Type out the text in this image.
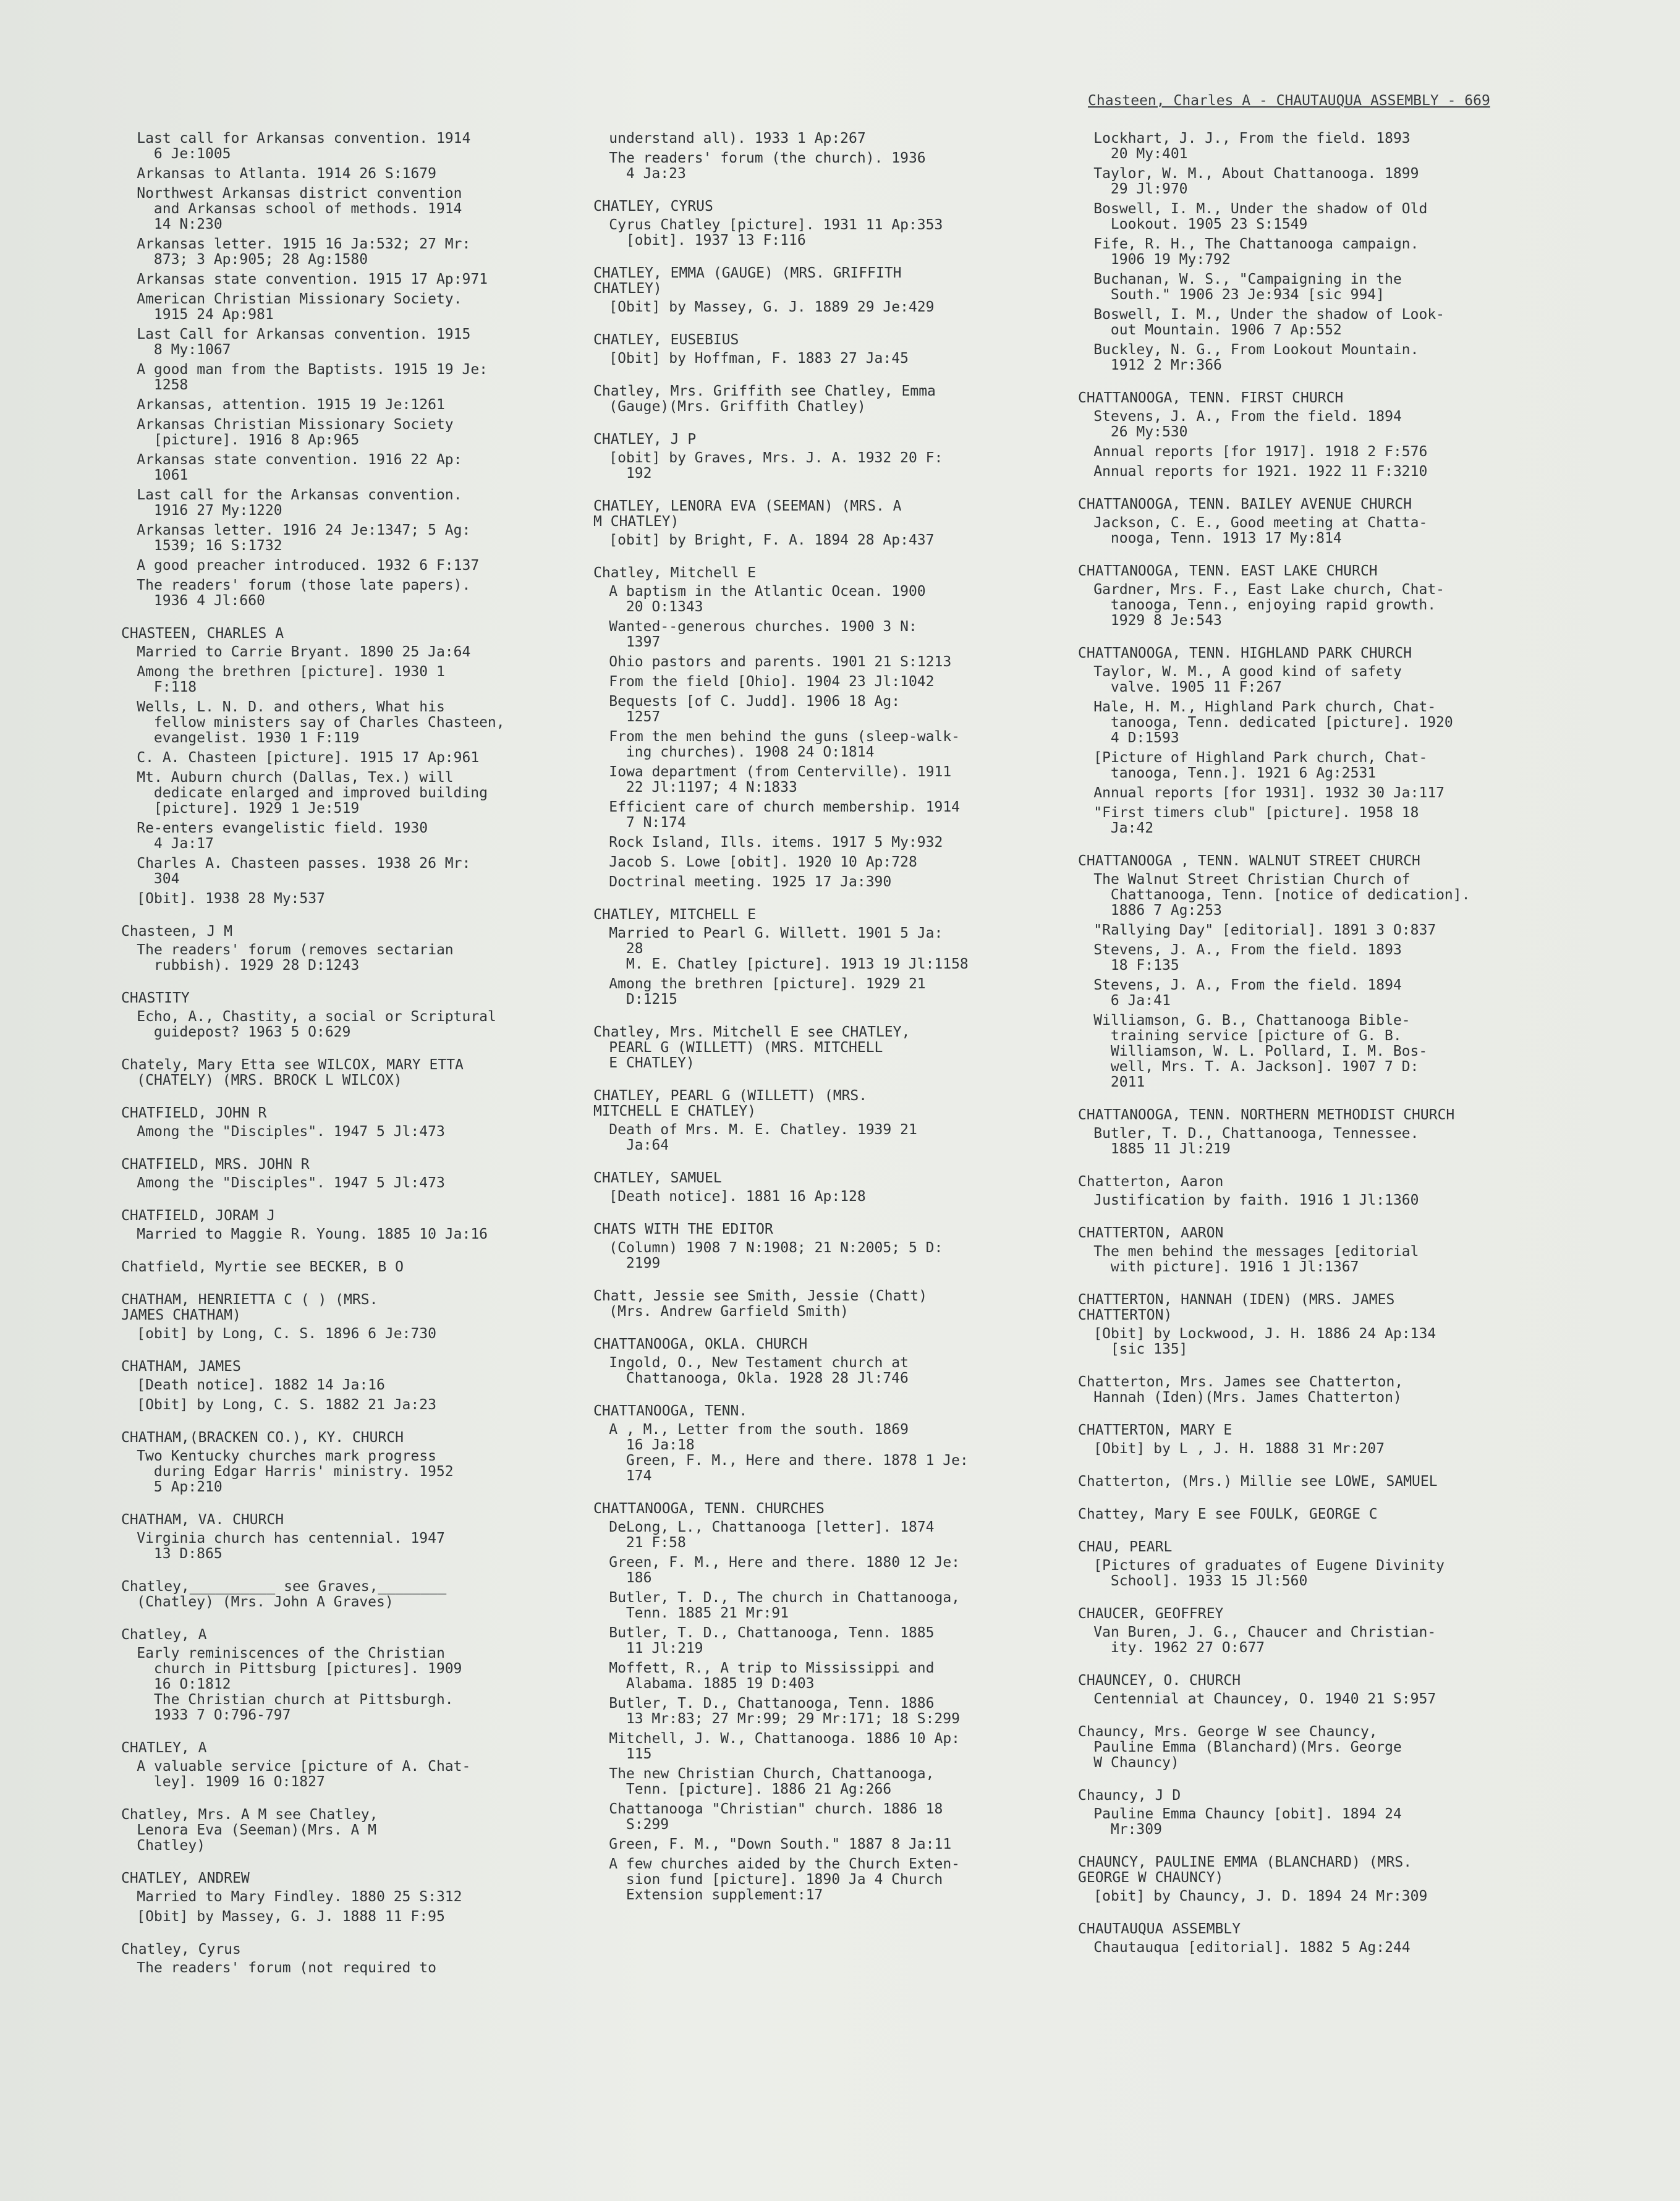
Chasteen, Charles A - CHAUTAUQUA ASSEMBLY - 669
Last call for Arkansas convention. 1914
6 Je:1005
Arkansas to Atlanta. 1914 26 S:1679
Northwest Arkansas district convention
and Arkansas school of methods. 1914
14 N:230
Arkansas letter. 1915 16 Ja:532; 27 Mr:
873; 3 Ap:905; 28 Ag:1580
Arkansas state convention. 1915 17 Ap:971
American Christian Missionary Society.
1915 24 Ap:981
Last Call for Arkansas convention. 1915
8 My:1067
A good man from the Baptists. 1915 19 Je:
1258
Arkansas, attention. 1915 19 Je:1261
Arkansas Christian Missionary Society
[picture]. 1916 8 Ap:965
Arkansas state convention. 1916 22 Ap:
1061
Last call for the Arkansas convention.
1916 27 My:1220
Arkansas letter. 1916 24 Je:1347; 5 Ag:
1539; 16 S:1732
A good preacher introduced. 1932 6 F:137
The readers' forum (those late papers).
1936 4 Jl:660
CHASTEEN, CHARLES A
Married to Carrie Bryant. 1890 25 Ja:64
Among the brethren [picture]. 1930 1
F:118
Wells, L. N. D. and others, What his
fellow ministers say of Charles Chasteen,
evangelist. 1930 1 F:119
C. A. Chasteen [picture]. 1915 17 Ap:961
Mt. Auburn church (Dallas, Tex.) will
dedicate enlarged and improved building
[picture]. 1929 1 Je:519
Re-enters evangelistic field. 1930
4 Ja:17
Charles A. Chasteen passes. 1938 26 Mr:
304
[Obit]. 1938 28 My:537
Chasteen, J M
The readers' forum (removes sectarian
rubbish). 1929 28 D:1243
CHASTITY
Echo, A., Chastity, a social or Scriptural
guidepost? 1963 5 O:629
Chately, Mary Etta see WILCOX, MARY ETTA
(CHATELY) (MRS. BROCK L WILCOX)
CHATFIELD, JOHN R
Among the "Disciples". 1947 5 Jl:473
CHATFIELD, MRS. JOHN R
Among the "Disciples". 1947 5 Jl:473
CHATFIELD, JORAM J
Married to Maggie R. Young. 1885 10 Ja:16
Chatfield, Myrtie see BECKER, B O
CHATHAM, HENRIETTA C ( ) (MRS.
JAMES CHATHAM)
[obit] by Long, C. S. 1896 6 Je:730
CHATHAM, JAMES
[Death notice]. 1882 14 Ja:16
[Obit] by Long, C. S. 1882 21 Ja:23
CHATHAM,(BRACKEN CO.), KY. CHURCH
Two Kentucky churches mark progress
during Edgar Harris' ministry. 1952
5 Ap:210
CHATHAM, VA. CHURCH
Virginia church has centennial. 1947
13 D:865
Chatley,__________ see Graves,________
(Chatley) (Mrs. John A Graves)
Chatley, A
Early reminiscences of the Christian
church in Pittsburg [pictures]. 1909
16 O:1812
The Christian church at Pittsburgh.
1933 7 O:796-797
CHATLEY, A
A valuable service [picture of A. Chat-
ley]. 1909 16 O:1827
Chatley, Mrs. A M see Chatley,
Lenora Eva (Seeman)(Mrs. A M
Chatley)
CHATLEY, ANDREW
Married to Mary Findley. 1880 25 S:312
[Obit] by Massey, G. J. 1888 11 F:95
Chatley, Cyrus
The readers' forum (not required to
understand all). 1933 1 Ap:267
The readers' forum (the church). 1936
4 Ja:23
CHATLEY, CYRUS
Cyrus Chatley [picture]. 1931 11 Ap:353
[obit]. 1937 13 F:116
CHATLEY, EMMA (GAUGE) (MRS. GRIFFITH
CHATLEY)
[Obit] by Massey, G. J. 1889 29 Je:429
CHATLEY, EUSEBIUS
[Obit] by Hoffman, F. 1883 27 Ja:45
Chatley, Mrs. Griffith see Chatley, Emma
(Gauge)(Mrs. Griffith Chatley)
CHATLEY, J P
[obit] by Graves, Mrs. J. A. 1932 20 F:
192
CHATLEY, LENORA EVA (SEEMAN) (MRS. A
M CHATLEY)
[obit] by Bright, F. A. 1894 28 Ap:437
Chatley, Mitchell E
A baptism in the Atlantic Ocean. 1900
20 O:1343
Wanted--generous churches. 1900 3 N:
1397
Ohio pastors and parents. 1901 21 S:1213
From the field [Ohio]. 1904 23 Jl:1042
Bequests [of C. Judd]. 1906 18 Ag:
1257
From the men behind the guns (sleep-walk-
ing churches). 1908 24 O:1814
Iowa department (from Centerville). 1911
22 Jl:1197; 4 N:1833
Efficient care of church membership. 1914
7 N:174
Rock Island, Ills. items. 1917 5 My:932
Jacob S. Lowe [obit]. 1920 10 Ap:728
Doctrinal meeting. 1925 17 Ja:390
CHATLEY, MITCHELL E
Married to Pearl G. Willett. 1901 5 Ja:
28
M. E. Chatley [picture]. 1913 19 Jl:1158
Among the brethren [picture]. 1929 21
D:1215
Chatley, Mrs. Mitchell E see CHATLEY,
PEARL G (WILLETT) (MRS. MITCHELL
E CHATLEY)
CHATLEY, PEARL G (WILLETT) (MRS.
MITCHELL E CHATLEY)
Death of Mrs. M. E. Chatley. 1939 21
Ja:64
CHATLEY, SAMUEL
[Death notice]. 1881 16 Ap:128
CHATS WITH THE EDITOR
(Column) 1908 7 N:1908; 21 N:2005; 5 D:
2199
Chatt, Jessie see Smith, Jessie (Chatt)
(Mrs. Andrew Garfield Smith)
CHATTANOOGA, OKLA. CHURCH
Ingold, O., New Testament church at
Chattanooga, Okla. 1928 28 Jl:746
CHATTANOOGA, TENN.
A , M., Letter from the south. 1869
16 Ja:18
Green, F. M., Here and there. 1878 1 Je:
174
CHATTANOOGA, TENN. CHURCHES
DeLong, L., Chattanooga [letter]. 1874
21 F:58
Green, F. M., Here and there. 1880 12 Je:
186
Butler, T. D., The church in Chattanooga,
Tenn. 1885 21 Mr:91
Butler, T. D., Chattanooga, Tenn. 1885
11 Jl:219
Moffett, R., A trip to Mississippi and
Alabama. 1885 19 D:403
Butler, T. D., Chattanooga, Tenn. 1886
13 Mr:83; 27 Mr:99; 29 Mr:171; 18 S:299
Mitchell, J. W., Chattanooga. 1886 10 Ap:
115
The new Christian Church, Chattanooga,
Tenn. [picture]. 1886 21 Ag:266
Chattanooga "Christian" church. 1886 18
S:299
Green, F. M., "Down South." 1887 8 Ja:11
A few churches aided by the Church Exten-
sion fund [picture]. 1890 Ja 4 Church
Extension supplement:17
Lockhart, J. J., From the field. 1893
20 My:401
Taylor, W. M., About Chattanooga. 1899
29 Jl:970
Boswell, I. M., Under the shadow of Old
Lookout. 1905 23 S:1549
Fife, R. H., The Chattanooga campaign.
1906 19 My:792
Buchanan, W. S., "Campaigning in the
South." 1906 23 Je:934 [sic 994]
Boswell, I. M., Under the shadow of Look-
out Mountain. 1906 7 Ap:552
Buckley, N. G., From Lookout Mountain.
1912 2 Mr:366
CHATTANOOGA, TENN. FIRST CHURCH
Stevens, J. A., From the field. 1894
26 My:530
Annual reports [for 1917]. 1918 2 F:576
Annual reports for 1921. 1922 11 F:3210
CHATTANOOGA, TENN. BAILEY AVENUE CHURCH
Jackson, C. E., Good meeting at Chatta-
nooga, Tenn. 1913 17 My:814
CHATTANOOGA, TENN. EAST LAKE CHURCH
Gardner, Mrs. F., East Lake church, Chat-
tanooga, Tenn., enjoying rapid growth.
1929 8 Je:543
CHATTANOOGA, TENN. HIGHLAND PARK CHURCH
Taylor, W. M., A good kind of safety
valve. 1905 11 F:267
Hale, H. M., Highland Park church, Chat-
tanooga, Tenn. dedicated [picture]. 1920
4 D:1593
[Picture of Highland Park church, Chat-
tanooga, Tenn.]. 1921 6 Ag:2531
Annual reports [for 1931]. 1932 30 Ja:117
"First timers club" [picture]. 1958 18
Ja:42
CHATTANOOGA , TENN. WALNUT STREET CHURCH
The Walnut Street Christian Church of
Chattanooga, Tenn. [notice of dedication].
1886 7 Ag:253
"Rallying Day" [editorial]. 1891 3 O:837
Stevens, J. A., From the field. 1893
18 F:135
Stevens, J. A., From the field. 1894
6 Ja:41
Williamson, G. B., Chattanooga Bible-
training service [picture of G. B.
Williamson, W. L. Pollard, I. M. Bos-
well, Mrs. T. A. Jackson]. 1907 7 D:
2011
CHATTANOOGA, TENN. NORTHERN METHODIST CHURCH
Butler, T. D., Chattanooga, Tennessee.
1885 11 Jl:219
Chatterton, Aaron
Justification by faith. 1916 1 Jl:1360
CHATTERTON, AARON
The men behind the messages [editorial
with picture]. 1916 1 Jl:1367
CHATTERTON, HANNAH (IDEN) (MRS. JAMES
CHATTERTON)
[Obit] by Lockwood, J. H. 1886 24 Ap:134
[sic 135]
Chatterton, Mrs. James see Chatterton,
Hannah (Iden)(Mrs. James Chatterton)
CHATTERTON, MARY E
[Obit] by L , J. H. 1888 31 Mr:207
Chatterton, (Mrs.) Millie see LOWE, SAMUEL
Chattey, Mary E see FOULK, GEORGE C
CHAU, PEARL
[Pictures of graduates of Eugene Divinity
School]. 1933 15 Jl:560
CHAUCER, GEOFFREY
Van Buren, J. G., Chaucer and Christian-
ity. 1962 27 O:677
CHAUNCEY, O. CHURCH
Centennial at Chauncey, O. 1940 21 S:957
Chauncy, Mrs. George W see Chauncy,
Pauline Emma (Blanchard)(Mrs. George
W Chauncy)
Chauncy, J D
Pauline Emma Chauncy [obit]. 1894 24
Mr:309
CHAUNCY, PAULINE EMMA (BLANCHARD) (MRS.
GEORGE W CHAUNCY)
[obit] by Chauncy, J. D. 1894 24 Mr:309
CHAUTAUQUA ASSEMBLY
Chautauqua [editorial]. 1882 5 Ag:244
